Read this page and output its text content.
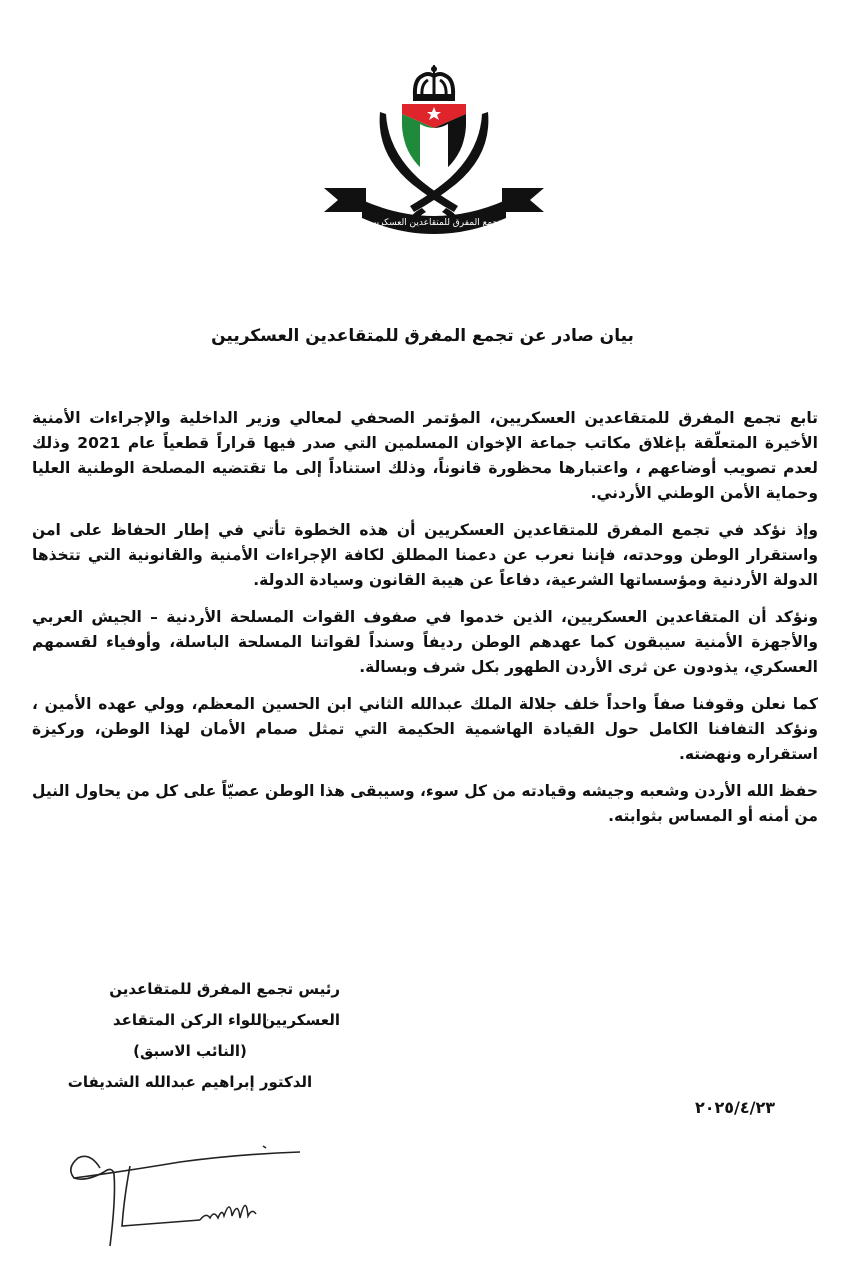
تجمع المفرق للمتقاعدين العسكريين
بيان صادر عن تجمع المفرق للمتقاعدين العسكريين

تابع تجمع المفرق للمتقاعدين العسكريين، المؤتمر الصحفي لمعالي وزير الداخلية والإجراءات الأمنية الأخيرة المتعلّقة بإغلاق مكاتب جماعة الإخوان المسلمين التي صدر فيها قراراً قطعياً عام 2021 وذلك لعدم تصويب أوضاعهم ، واعتبارها محظورة قانوناً، وذلك استناداً إلى ما تقتضيه المصلحة الوطنية العليا وحماية الأمن الوطني الأردني.

وإذ نؤكد في تجمع المفرق للمتقاعدين العسكريين أن هذه الخطوة تأتي في إطار الحفاظ على امن واستقرار الوطن ووحدته، فإننا نعرب عن دعمنا المطلق لكافة الإجراءات الأمنية والقانونية التي تتخذها الدولة الأردنية ومؤسساتها الشرعية، دفاعاً عن هيبة القانون وسيادة الدولة.

ونؤكد أن المتقاعدين العسكريين، الذين خدموا في صفوف القوات المسلحة الأردنية – الجيش العربي والأجهزة الأمنية سيبقون كما عهدهم الوطن رديفاً وسنداً لقواتنا المسلحة الباسلة، وأوفياء لقسمهم العسكري، يذودون عن ثرى الأردن الطهور بكل شرف وبسالة.

كما نعلن وقوفنا صفاً واحداً خلف جلالة الملك عبدالله الثاني ابن الحسين المعظم، وولي عهده الأمين ، ونؤكد التفافنا الكامل حول القيادة الهاشمية الحكيمة التي تمثل صمام الأمان لهذا الوطن، وركيزة استقراره ونهضته.

حفظ الله الأردن وشعبه وجيشه وقيادته من كل سوء، وسيبقى هذا الوطن عصيّاً على كل من يحاول النيل من أمنه أو المساس بثوابته.

رئيس تجمع المفرق للمتقاعدين العسكريين
اللواء الركن المتقاعد
(النائب الاسبق)
الدكتور إبراهيم عبدالله الشديفات
٢٠٢٥/٤/٢٣
